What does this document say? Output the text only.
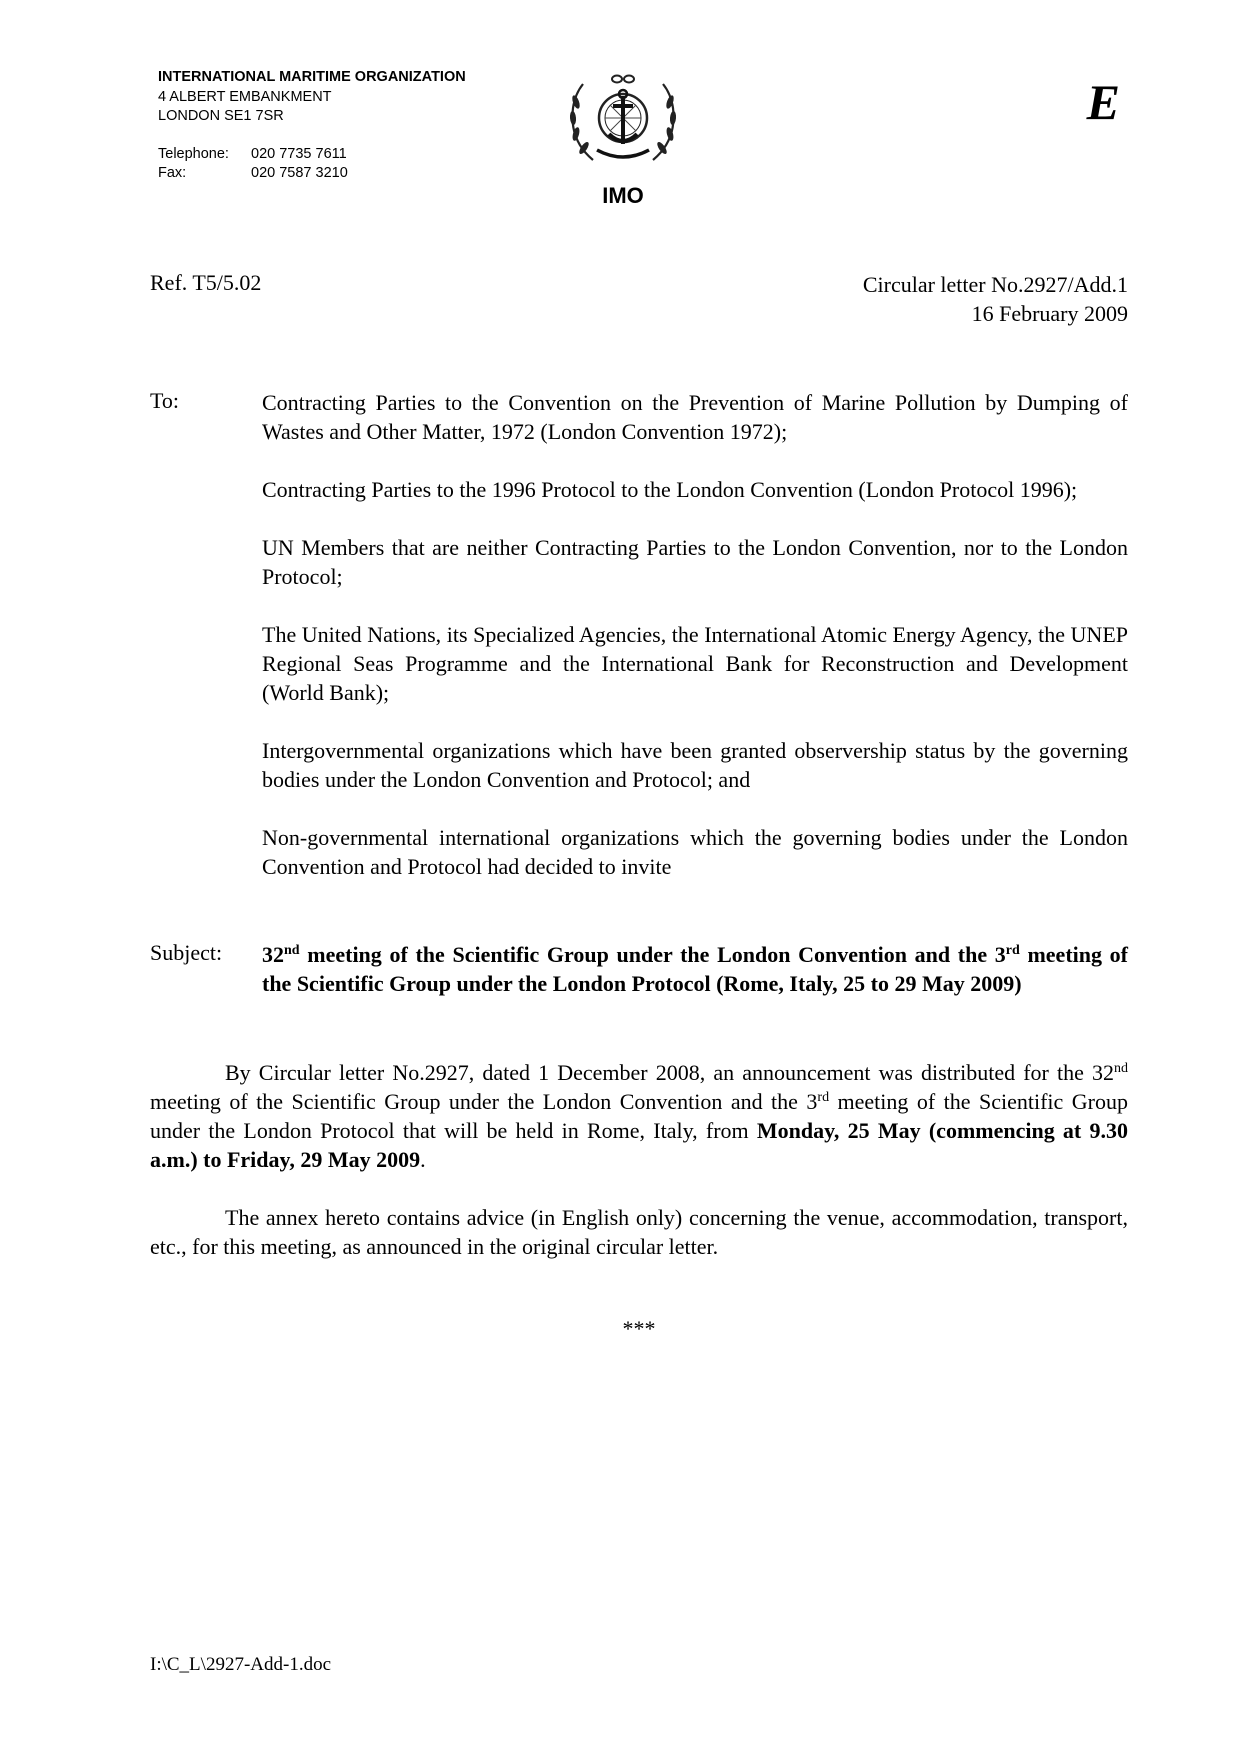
INTERNATIONAL MARITIME ORGANIZATION
4 ALBERT EMBANKMENT
LONDON SE1 7SR
Telephone: 020 7735 7611
Fax:	020 7587 3210
IMO
E
Ref. T5/5.02	Circular letter No.2927/Add.1
16 February 2009
To:	Contracting Parties to the Convention on the Prevention of Marine Pollution by Dumping of Wastes and Other Matter, 1972 (London Convention 1972);

Contracting Parties to the 1996 Protocol to the London Convention (London Protocol 1996);

UN Members that are neither Contracting Parties to the London Convention, nor to the London Protocol;

The United Nations, its Specialized Agencies, the International Atomic Energy Agency, the UNEP Regional Seas Programme and the International Bank for Reconstruction and Development (World Bank);

Intergovernmental organizations which have been granted observership status by the governing bodies under the London Convention and Protocol; and

Non-governmental international organizations which the governing bodies under the London Convention and Protocol had decided to invite

Subject: 32nd meeting of the Scientific Group under the London Convention and the 3rd meeting of the Scientific Group under the London Protocol (Rome, Italy, 25 to 29 May 2009)

By Circular letter No.2927, dated 1 December 2008, an announcement was distributed for the 32nd meeting of the Scientific Group under the London Convention and the 3rd meeting of the Scientific Group under the London Protocol that will be held in Rome, Italy, from Monday, 25 May (commencing at 9.30 a.m.) to Friday, 29 May 2009.

The annex hereto contains advice (in English only) concerning the venue, accommodation, transport, etc., for this meeting, as announced in the original circular letter.

***
I:\C_L\2927-Add-1.doc
